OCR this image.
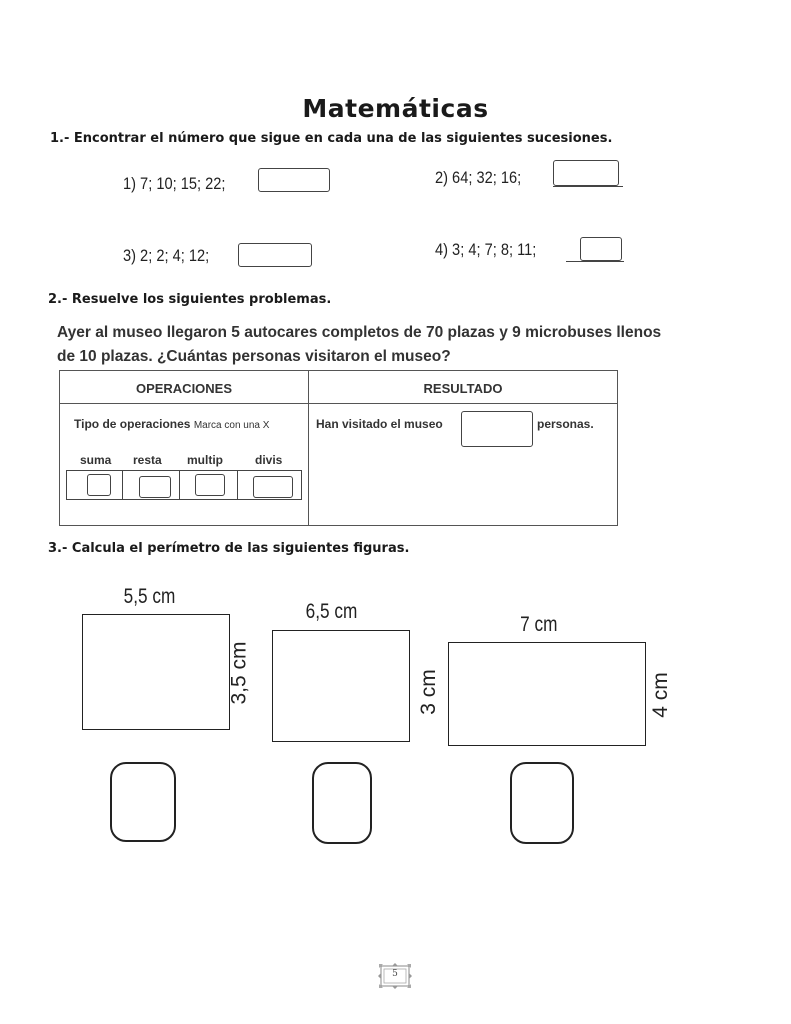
Matemáticas
1.- Encontrar el número que sigue en cada una de las siguientes sucesiones.
1) 7; 10; 15; 22;	2) 64; 32; 16;
3) 2; 2; 4; 12;	4) 3; 4; 7; 8; 11;
2.- Resuelve los siguientes problemas.
Ayer al museo llegaron 5 autocares completos de 70 plazas y 9 microbuses llenos
de 10 plazas. ¿Cuántas personas visitaron el museo?
OPERACIONES	RESULTADO
Tipo de operaciones Marca con una X
suma resta multip	divis
Han visitado el museo	personas.
3.- Calcula el perímetro de las siguientes figuras.
5,5 cm
3,5 cm
6,5 cm
3 cm
7 cm
4 cm
5
